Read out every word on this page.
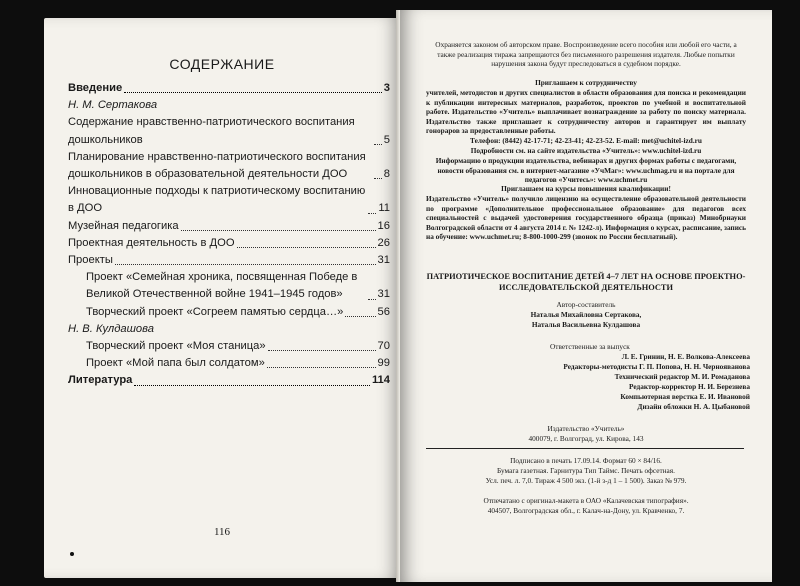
СОДЕРЖАНИЕ
Введение	3
Н. М. Сертакова
Содержание нравственно-патриотического воспитания дошкольников	5
Планирование нравственно-патриотического воспитания дошкольников в образовательной деятельности ДОО	8
Инновационные подходы к патриотическому воспитанию в ДОО	11
Музейная педагогика	16
Проектная деятельность в ДОО	26
Проекты	31
Проект «Семейная хроника, посвященная Победе в Великой Отечественной войне 1941–1945 годов»	31
Творческий проект «Согреем памятью сердца…»	56
Н. В. Кулдашова
Творческий проект «Моя станица»	70
Проект «Мой папа был солдатом»	99
Литература	114
116
Охраняется законом об авторском праве. Воспроизведение всего пособия или любой его части, а также реализация тиража запрещаются без письменного разрешения издателя. Любые попытки нарушения закона будут преследоваться в судебном порядке.
Приглашаем к сотрудничеству
учителей, методистов и других специалистов в области образования для поиска и рекомендации к публикации интересных материалов, разработок, проектов по учебной и воспитательной работе. Издательство «Учитель» выплачивает вознаграждение за работу по поиску материала. Издательство также приглашает к сотрудничеству авторов и гарантирует им выплату гонораров за предоставленные работы.
Телефон: (8442) 42-17-71; 42-23-41; 42-23-52. E-mail: met@uchitel-izd.ru
Подробности см. на сайте издательства «Учитель»: www.uchitel-izd.ru
Информацию о продукции издательства, вебинарах и других формах работы с педагогами, новости образования см. в интернет-магазине «УчМаг»: www.uchmag.ru и на портале для педагогов «Учитесь»: www.uchmet.ru
Приглашаем на курсы повышения квалификации!
Издательство «Учитель» получило лицензию на осуществление образовательной деятельности по программе «Дополнительное профессиональное образование» для педагогов всех специальностей с выдачей удостоверения государственного образца (приказ) Минобрнауки Волгоградской области от 4 августа 2014 г. № 1242-л). Информация о курсах, расписание, запись на обучение: www.uchmet.ru; 8-800-1000-299 (звонок по России бесплатный).
ПАТРИОТИЧЕСКОЕ ВОСПИТАНИЕ ДЕТЕЙ 4–7 ЛЕТ НА ОСНОВЕ ПРОЕКТНО-ИССЛЕДОВАТЕЛЬСКОЙ ДЕЯТЕЛЬНОСТИ
Автор-составитель
Наталья Михайловна Сертакова,
Наталья Васильевна Кулдашова
Ответственные за выпуск
Л. Е. Гринин, Н. Е. Волкова-Алексеева
Редакторы-методисты Г. П. Попова, Н. Н. Чернояванова
Технический редактор М. И. Ромаданова
Редактор-корректор Н. И. Березнева
Компьютерная верстка Е. И. Ивановой
Дизайн обложки Н. А. Цыбановой
Издательство «Учитель»
400079, г. Волгоград, ул. Кирова, 143
Подписано в печать 17.09.14. Формат 60 × 84/16.
Бумага газетная. Гарнитура Тип Таймс. Печать офсетная.
Усл. печ. л. 7,0. Тираж 4 500 экз. (1-й з-д 1 – 1 500). Заказ № 979.
Отпечатано с оригинал-макета в ОАО «Калачевская типография».
404507, Волгоградская обл., г. Калач-на-Дону, ул. Кравченко, 7.
